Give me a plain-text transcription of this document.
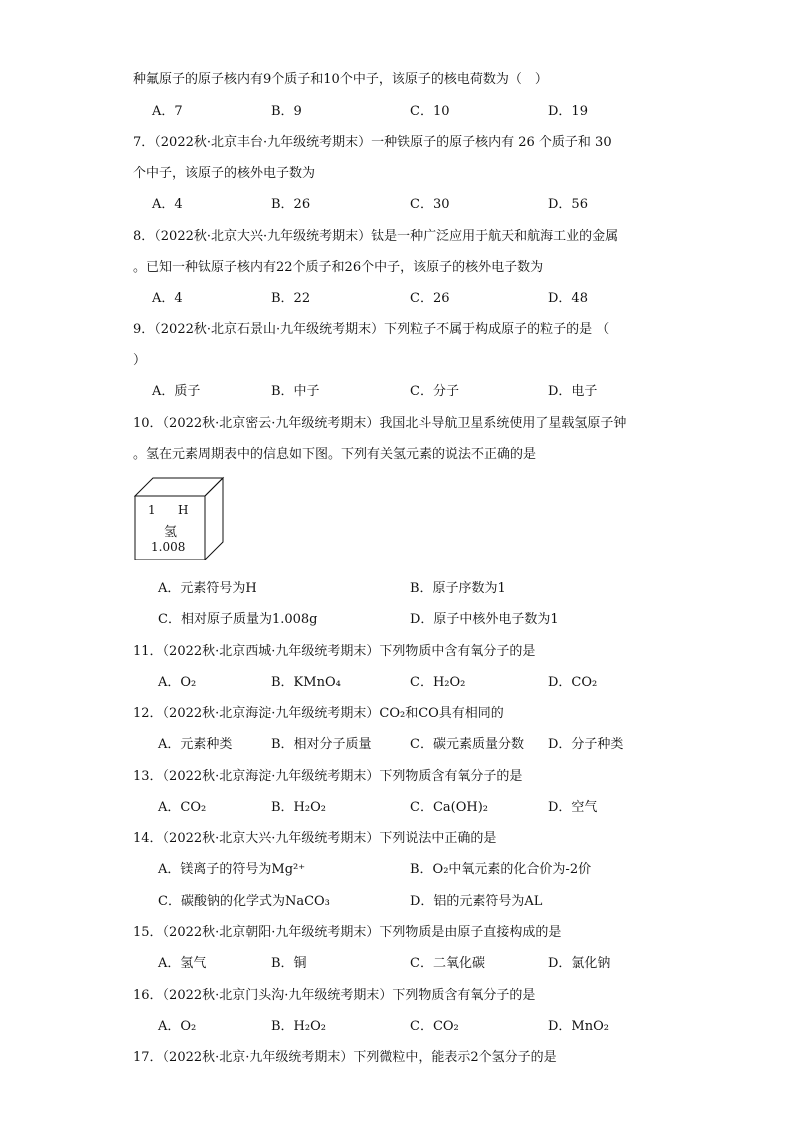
种氟原子的原子核内有9个质子和10个中子，该原子的核电荷数为（　）
A．7	B．9	C．10	D．19
7．（2022秋·北京丰台·九年级统考期末）一种铁原子的原子核内有 26 个质子和 30
个中子，该原子的核外电子数为
A．4	B．26	C．30	D．56
8．（2022秋·北京大兴·九年级统考期末）钛是一种广泛应用于航天和航海工业的金属
。已知一种钛原子核内有22个质子和26个中子，该原子的核外电子数为
A．4	B．22	C．26	D．48
9．（2022秋·北京石景山·九年级统考期末）下列粒子不属于构成原子的粒子的是 （
）
A．质子	B．中子	C．分子	D．电子
10．（2022秋·北京密云·九年级统考期末）我国北斗导航卫星系统使用了星载氢原子钟
。氢在元素周期表中的信息如下图。下列有关氢元素的说法不正确的是
1 H
氢
1.008
A．元素符号为H	B．原子序数为1
C．相对原子质量为1.008g	D．原子中核外电子数为1
11．（2022秋·北京西城·九年级统考期末）下列物质中含有氧分子的是
A．O₂	B．KMnO₄	C．H₂O₂	D．CO₂
12．（2022秋·北京海淀·九年级统考期末）CO₂和CO具有相同的
A．元素种类	B．相对分子质量	C．碳元素质量分数 D．分子种类
13．（2022秋·北京海淀·九年级统考期末）下列物质含有氧分子的是
A．CO₂	B．H₂O₂	C．Ca(OH)₂	D．空气
14．（2022秋·北京大兴·九年级统考期末）下列说法中正确的是
A．镁离子的符号为Mg²⁺	B．O₂中氧元素的化合价为-2价
C．碳酸钠的化学式为NaCO₃	D．铝的元素符号为AL
15．（2022秋·北京朝阳·九年级统考期末）下列物质是由原子直接构成的是
A．氢气	B．铜	C．二氧化碳	D．氯化钠
16．（2022秋·北京门头沟·九年级统考期末）下列物质含有氧分子的是
A．O₂	B．H₂O₂	C．CO₂	D．MnO₂
17．（2022秋·北京·九年级统考期末）下列微粒中，能表示2个氢分子的是
